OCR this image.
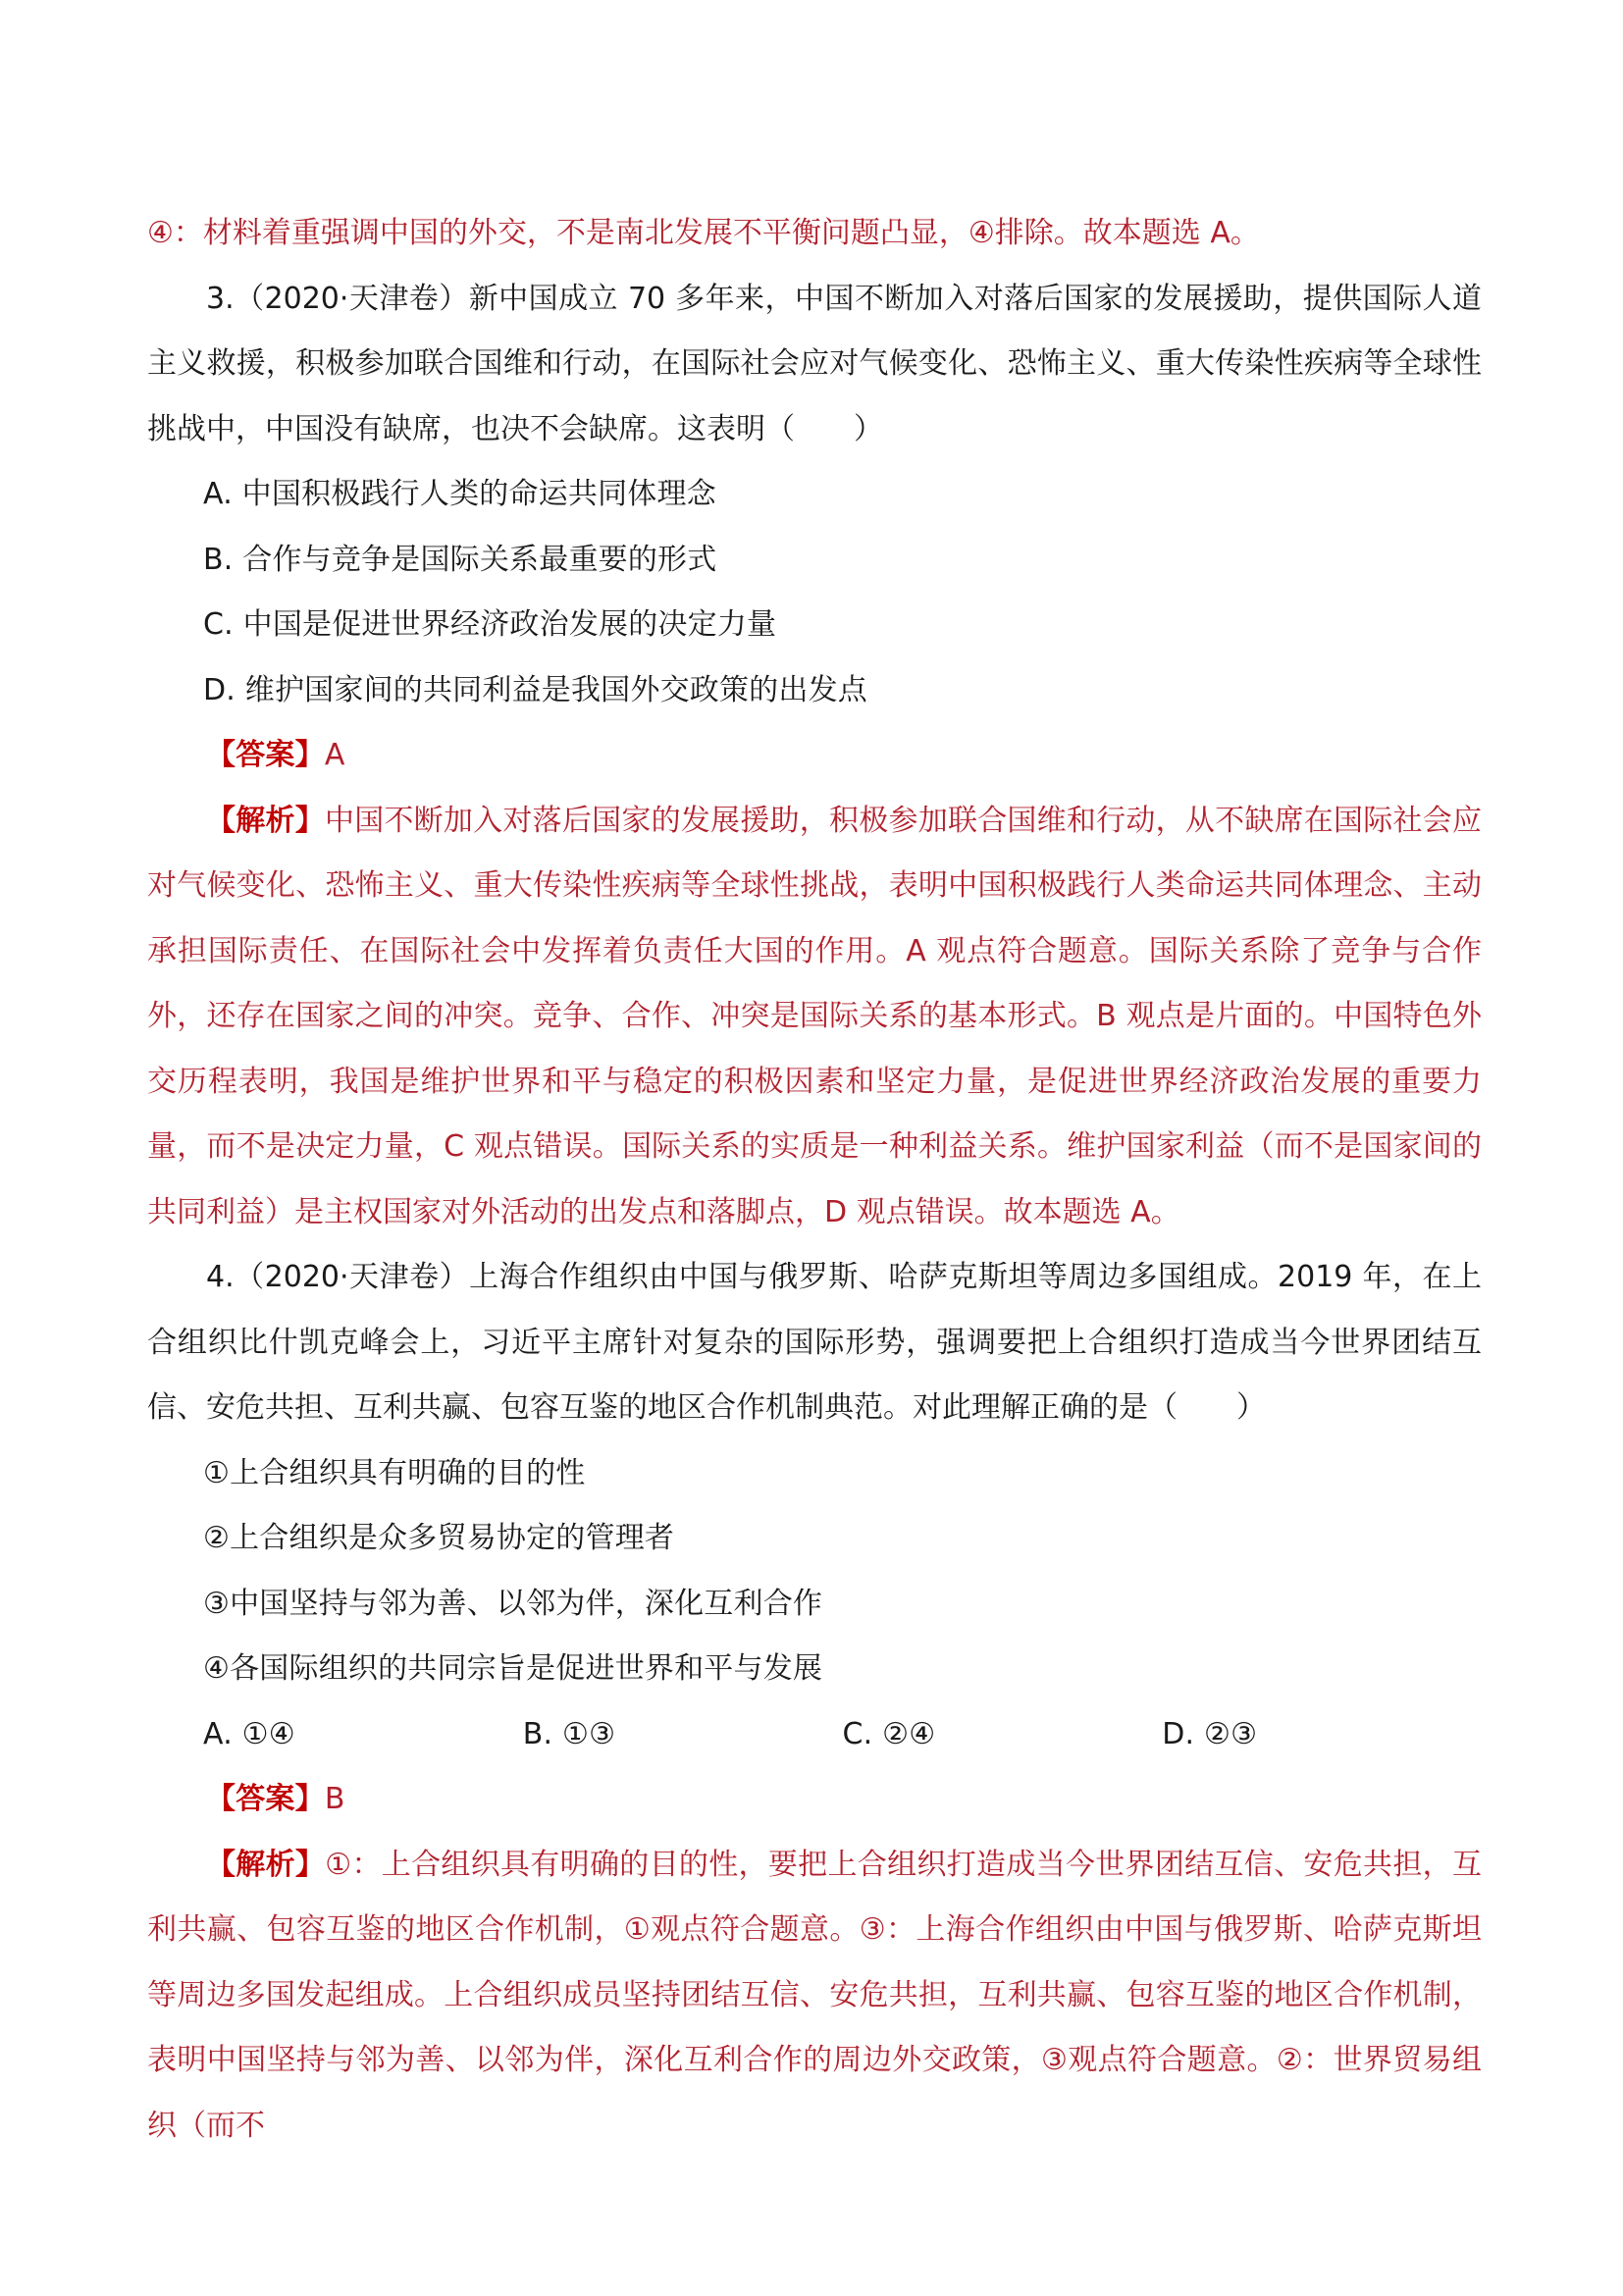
④：材料着重强调中国的外交，不是南北发展不平衡问题凸显，④排除。故本题选 A。
3.（2020·天津卷）新中国成立 70 多年来，中国不断加入对落后国家的发展援助，提供国际人道主义救援，积极参加联合国维和行动，在国际社会应对气候变化、恐怖主义、重大传染性疾病等全球性挑战中，中国没有缺席，也决不会缺席。这表明（　　）
A. 中国积极践行人类的命运共同体理念
B. 合作与竞争是国际关系最重要的形式
C. 中国是促进世界经济政治发展的决定力量
D. 维护国家间的共同利益是我国外交政策的出发点
【答案】A
【解析】中国不断加入对落后国家的发展援助，积极参加联合国维和行动，从不缺席在国际社会应对气候变化、恐怖主义、重大传染性疾病等全球性挑战，表明中国积极践行人类命运共同体理念、主动承担国际责任、在国际社会中发挥着负责任大国的作用。A 观点符合题意。国际关系除了竞争与合作外，还存在国家之间的冲突。竞争、合作、冲突是国际关系的基本形式。B 观点是片面的。中国特色外交历程表明，我国是维护世界和平与稳定的积极因素和坚定力量，是促进世界经济政治发展的重要力量，而不是决定力量，C 观点错误。国际关系的实质是一种利益关系。维护国家利益（而不是国家间的共同利益）是主权国家对外活动的出发点和落脚点，D 观点错误。故本题选 A。
4.（2020·天津卷）上海合作组织由中国与俄罗斯、哈萨克斯坦等周边多国组成。2019 年，在上合组织比什凯克峰会上，习近平主席针对复杂的国际形势，强调要把上合组织打造成当今世界团结互信、安危共担、互利共赢、包容互鉴的地区合作机制典范。对此理解正确的是（　　）
①上合组织具有明确的目的性
②上合组织是众多贸易协定的管理者
③中国坚持与邻为善、以邻为伴，深化互利合作
④各国际组织的共同宗旨是促进世界和平与发展
A. ①④	B. ①③	C. ②④	D. ②③
【答案】B
【解析】①：上合组织具有明确的目的性，要把上合组织打造成当今世界团结互信、安危共担，互利共赢、包容互鉴的地区合作机制，①观点符合题意。③：上海合作组织由中国与俄罗斯、哈萨克斯坦等周边多国发起组成。上合组织成员坚持团结互信、安危共担，互利共赢、包容互鉴的地区合作机制，表明中国坚持与邻为善、以邻为伴，深化互利合作的周边外交政策，③观点符合题意。②：世界贸易组织（而不
